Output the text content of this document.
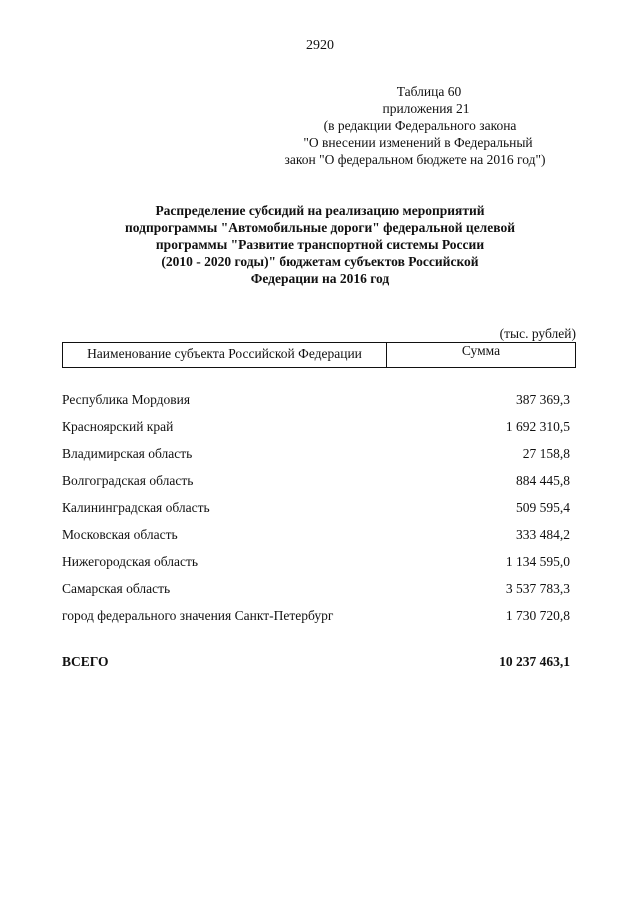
2920
Таблица 60
приложения 21
(в редакции Федерального закона
"О внесении изменений в Федеральный
закон "О федеральном бюджете на 2016 год")
Распределение субсидий на реализацию мероприятий
подпрограммы "Автомобильные дороги" федеральной целевой
программы "Развитие транспортной системы России
(2010 - 2020 годы)" бюджетам субъектов Российской
Федерации на 2016 год
(тыс. рублей)
Наименование субъекта Российской Федерации	Сумма
Республика Мордовия	387 369,3
Красноярский край	1 692 310,5
Владимирская область	27 158,8
Волгоградская область	884 445,8
Калининградская область	509 595,4
Московская область	333 484,2
Нижегородская область	1 134 595,0
Самарская область	3 537 783,3
город федерального значения Санкт-Петербург	1 730 720,8
ВСЕГО	10 237 463,1
